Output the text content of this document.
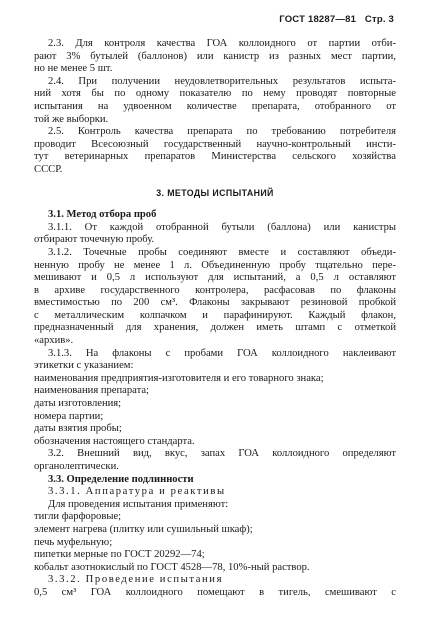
ГОСТ 18287—81 Стр. 3
2.3. Для контроля качества ГОА коллоидного от партии отби-
рают 3% бутылей (баллонов) или канистр из разных мест партии,
но не менее 5 шт.
2.4. При получении неудовлетворительных результатов испыта-
ний хотя бы по одному показателю по нему проводят повторные
испытания на удвоенном количестве препарата, отобранного от
той же выборки.
2.5. Контроль качества препарата по требованию потребителя
проводит Всесоюзный государственный научно-контрольный инсти-
тут ветеринарных препаратов Министерства сельского хозяйства
СССР.
3. МЕТОДЫ ИСПЫТАНИЙ
3.1. Метод отбора проб
3.1.1. От каждой отобранной бутыли (баллона) или канистры
отбирают точечную пробу.
3.1.2. Точечные пробы соединяют вместе и составляют объеди-
ненную пробу не менее 1 л. Объединенную пробу тщательно пере-
мешивают и 0,5 л используют для испытаний, а 0,5 л оставляют
в архиве государственного контролера, расфасовав по флаконы
вместимостью по 200 см³. Флаконы закрывают резиновой пробкой
с металлическим колпачком и парафинируют. Каждый флакон,
предназначенный для хранения, должен иметь штамп с отметкой
«архив».
3.1.3. На флаконы с пробами ГОА коллоидного наклеивают
этикетки с указанием:
наименования предприятия-изготовителя и его товарного знака;
наименования препарата;
даты изготовления;
номера партии;
даты взятия пробы;
обозначения настоящего стандарта.
3.2. Внешний вид, вкус, запах ГОА коллоидного определяют
органолептически.
3.3. Определение подлинности
3.3.1. Аппаратура и реактивы
Для проведения испытания применяют:
тигли фарфоровые;
элемент нагрева (плитку или сушильный шкаф);
печь муфельную;
пипетки мерные по ГОСТ 20292—74;
кобальт азотнокислый по ГОСТ 4528—78, 10%-ный раствор.
3.3.2. Проведение испытания
0,5 см³ ГОА коллоидного помещают в тигель, смешивают с
